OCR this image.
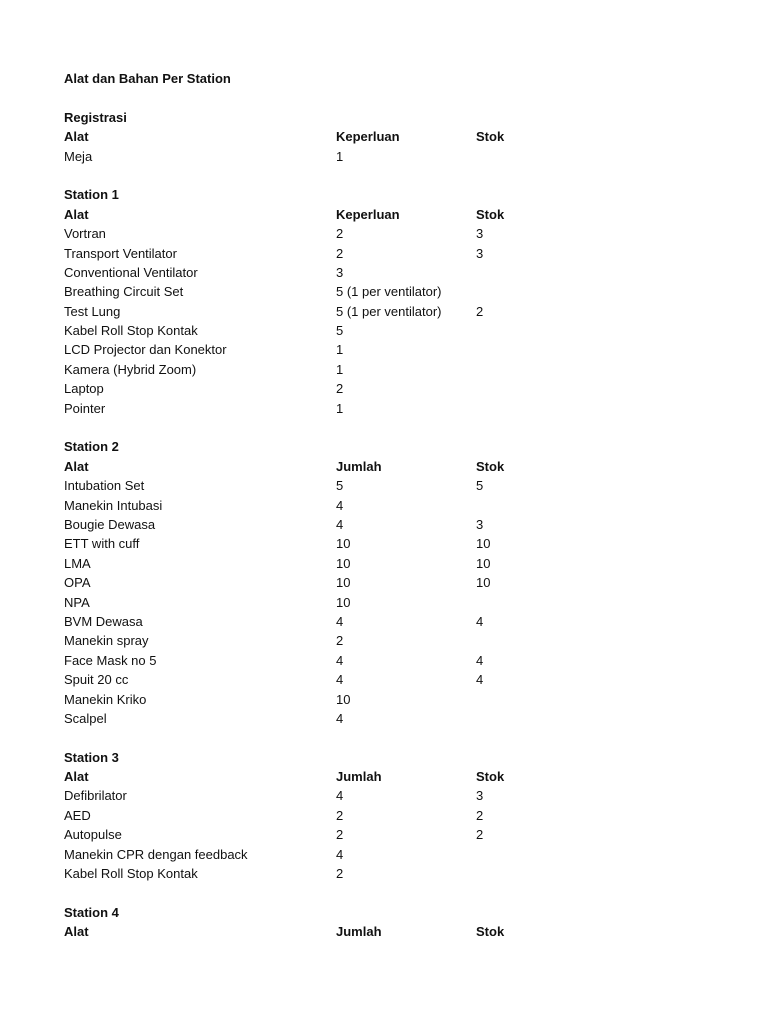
Alat dan Bahan Per Station
Registrasi
Alat	Keperluan	Stok
Meja	1
Station 1
Alat	Keperluan	Stok
Vortran	2	3
Transport Ventilator	2	3
Conventional Ventilator	3
Breathing Circuit Set	5 (1 per ventilator)
Test Lung	5 (1 per ventilator)	2
Kabel Roll Stop Kontak	5
LCD Projector dan Konektor	1
Kamera (Hybrid Zoom)	1
Laptop	2
Pointer	1
Station 2
Alat	Jumlah	Stok
Intubation Set	5	5
Manekin Intubasi	4
Bougie Dewasa	4	3
ETT with cuff	10	10
LMA	10	10
OPA	10	10
NPA	10
BVM Dewasa	4	4
Manekin spray	2
Face Mask no 5	4	4
Spuit 20 cc	4	4
Manekin Kriko	10
Scalpel	4
Station 3
Alat	Jumlah	Stok
Defibrilator	4	3
AED	2	2
Autopulse	2	2
Manekin CPR dengan feedback	4
Kabel Roll Stop Kontak	2
Station 4
Alat	Jumlah	Stok
